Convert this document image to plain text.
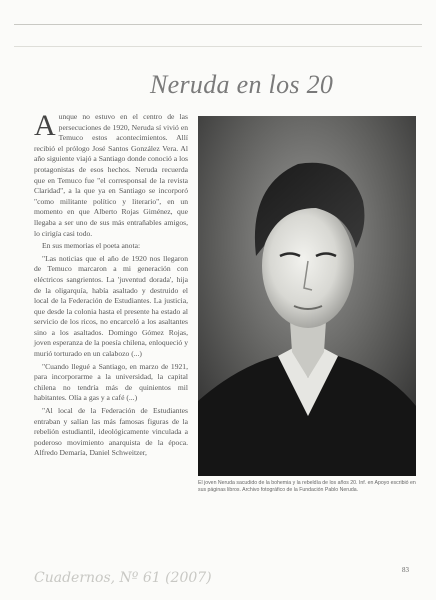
Neruda en los 20

Aunque no estuvo en el centro de las persecuciones de 1920, Neruda sí vivió en Temuco estos acontecimientos. Allí recibió el prólogo José Santos González Vera. Al año siguiente viajó a Santiago donde conoció a los protagonistas de esos hechos. Neruda recuerda que en Temuco fue "el corresponsal de la revista Claridad", a la que ya en Santiago se incorporó "como militante político y literario", en un momento en que Alberto Rojas Giménez, que llegaba a ser uno de sus más entrañables amigos, lo cirigía casi todo.

En sus memorias el poeta anota:

"Las noticias que el año de 1920 nos llegaron de Temuco marcaron a mi generación con eléctricos sangrientos. La 'juventud dorada', hija de la oligarquía, había asaltado y destruido el local de la Federación de Estudiantes. La justicia, que desde la colonia hasta el presente ha estado al servicio de los ricos, no encarceló a los asaltantes sino a los asaltados. Domingo Gómez Rojas, joven esperanza de la poesía chilena, enloqueció y murió torturado en un calabozo (...)

"Cuando llegué a Santiago, en marzo de 1921, para incorporarme a la universidad, la capital chilena no tendría más de quinientos mil habitantes. Olía a gas y a café (...)

"Al local de la Federación de Estudiantes entraban y salían las más famosas figuras de la rebelión estudiantil, ideológicamente vinculada a poderoso movimiento anarquista de la época. Alfredo Demaría, Daniel Schweitzer,

El joven Neruda sacudido de la bohemia y la rebeldía de los años 20. Inf. en Apoyo escribió en sus páginas libros. Archivo fotográfico de la Fundación Pablo Neruda.
Cuadernos, Nº 61 (2007)	83
